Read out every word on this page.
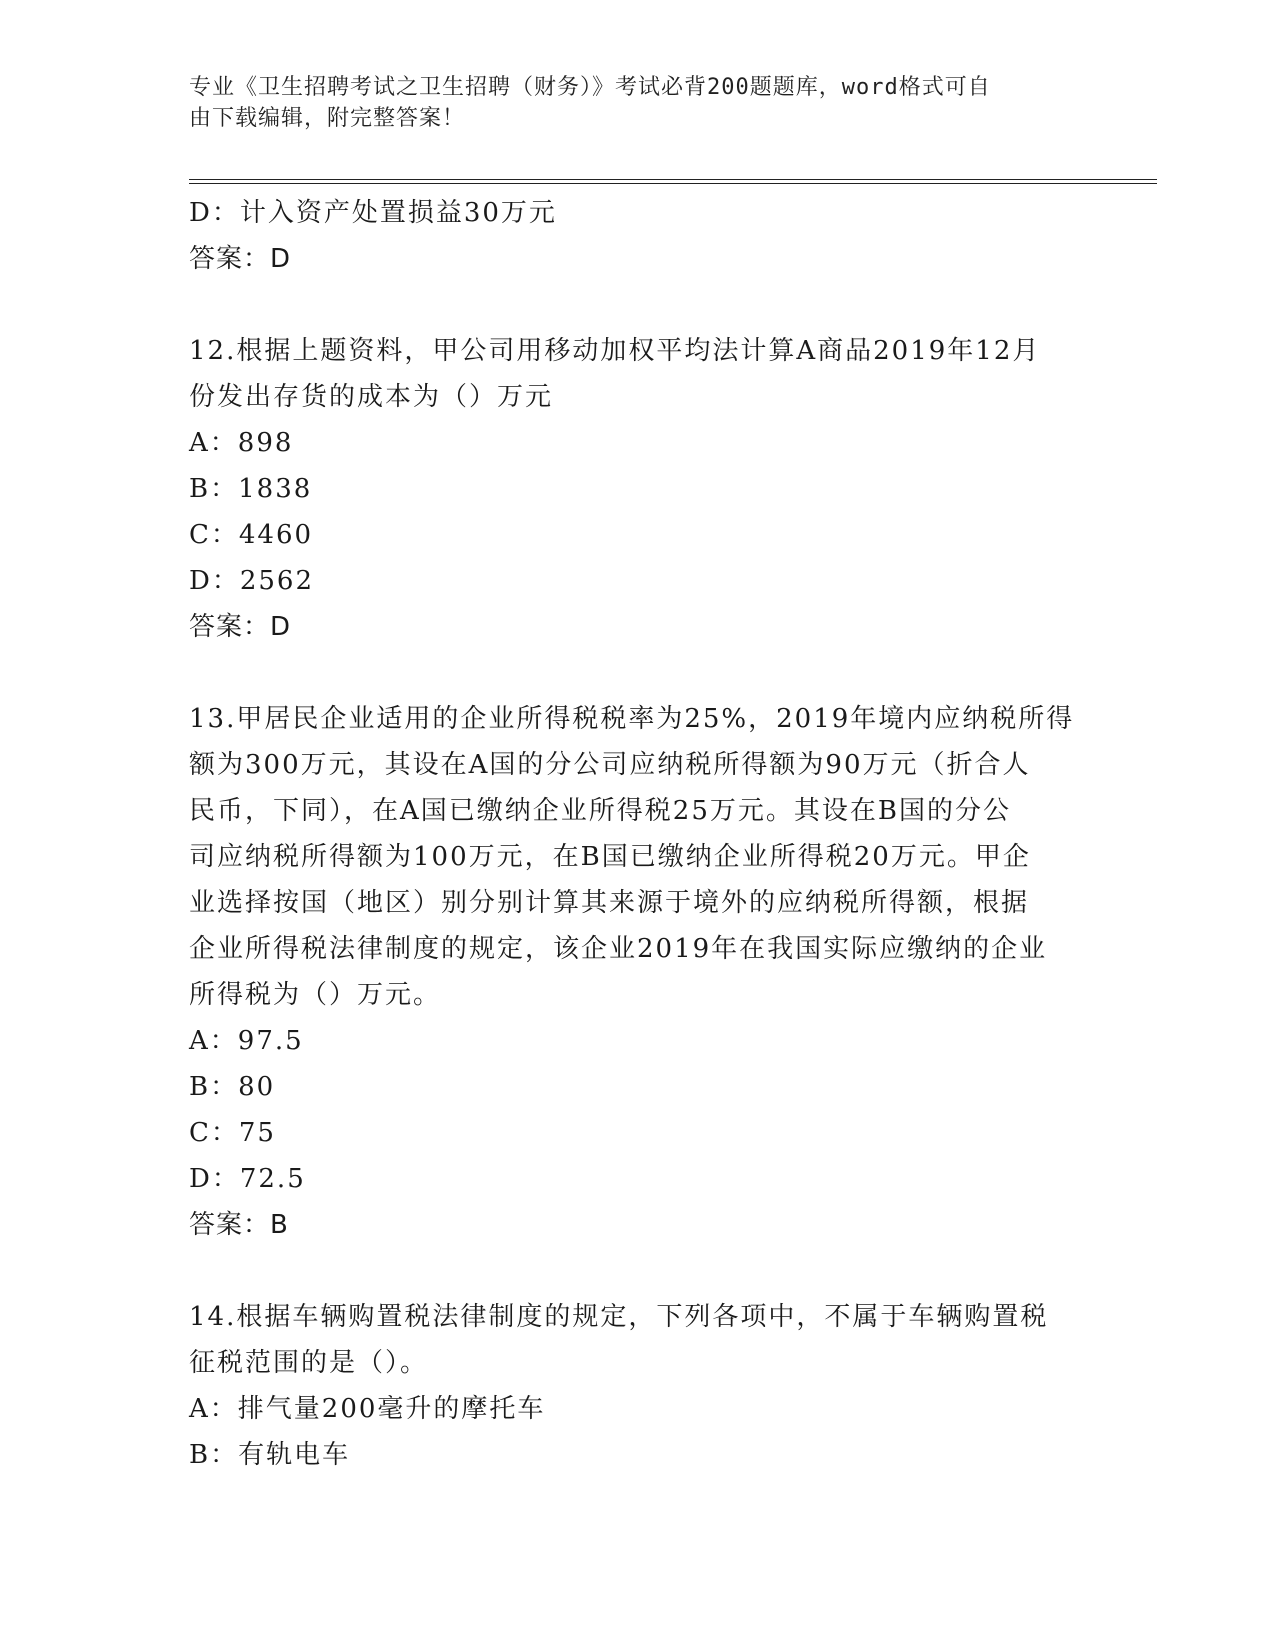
专业《卫生招聘考试之卫生招聘（财务）》考试必背200题题库，word格式可自
由下载编辑，附完整答案！
D：计入资产处置损益30万元
答案：D
12.根据上题资料，甲公司用移动加权平均法计算A商品2019年12月
份发出存货的成本为（）万元
A：898
B：1838
C：4460
D：2562
答案：D
13.甲居民企业适用的企业所得税税率为25%，2019年境内应纳税所得
额为300万元，其设在A国的分公司应纳税所得额为90万元（折合人
民币，下同），在A国已缴纳企业所得税25万元。其设在B国的分公
司应纳税所得额为100万元，在B国已缴纳企业所得税20万元。甲企
业选择按国（地区）别分别计算其来源于境外的应纳税所得额，根据
企业所得税法律制度的规定，该企业2019年在我国实际应缴纳的企业
所得税为（）万元。
A：97.5
B：80
C：75
D：72.5
答案：B
14.根据车辆购置税法律制度的规定，下列各项中，不属于车辆购置税
征税范围的是（）。
A：排气量200毫升的摩托车
B：有轨电车
